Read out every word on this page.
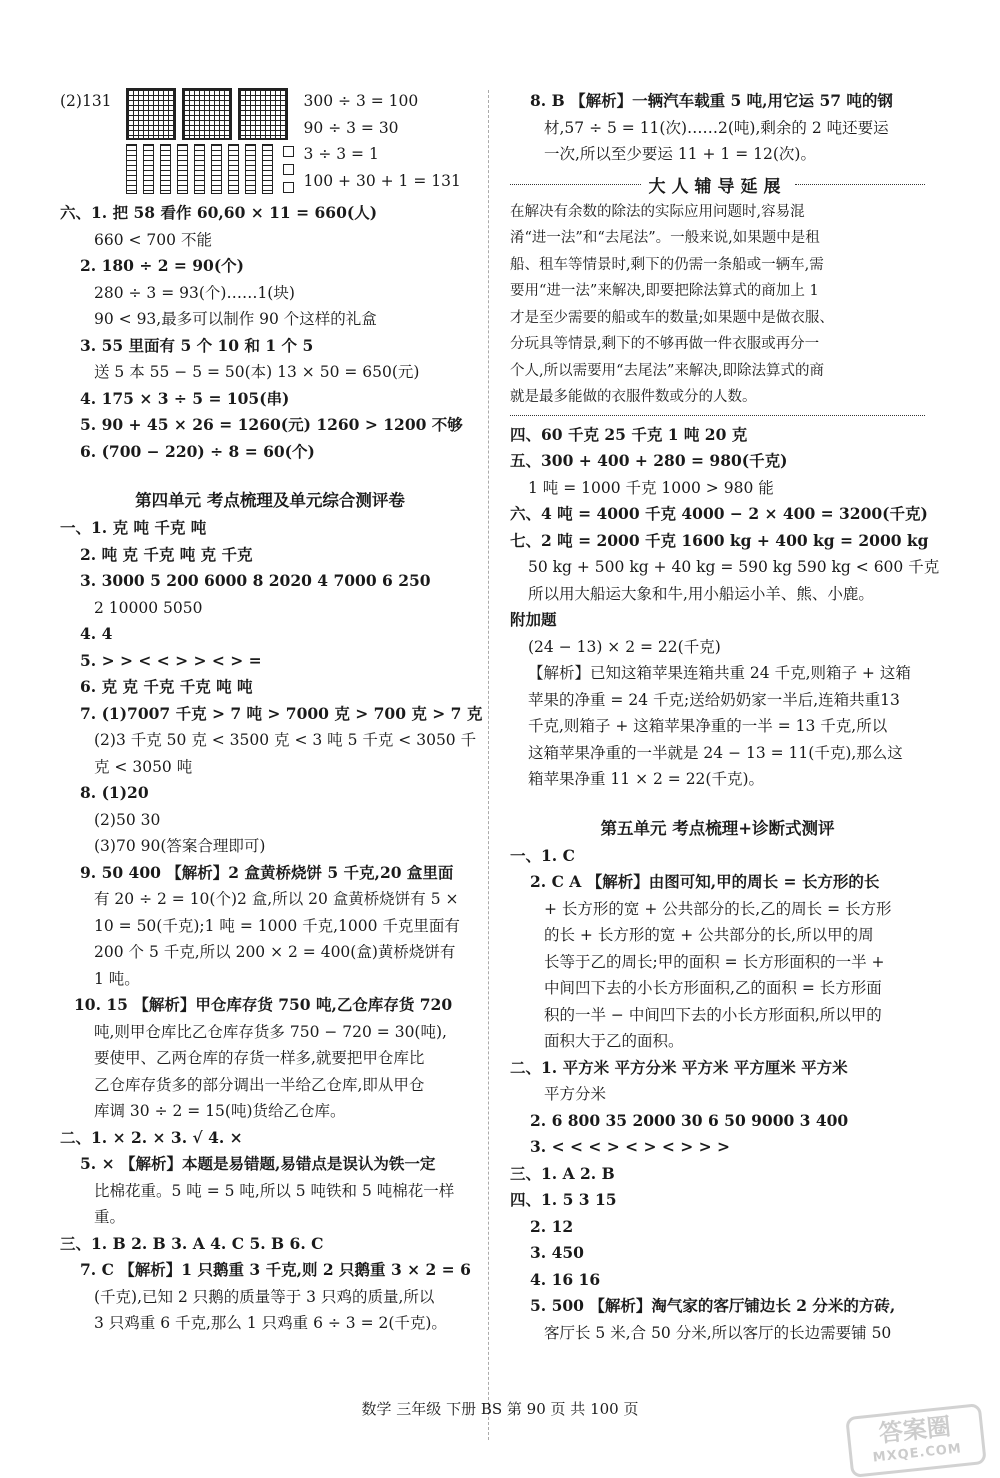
(2)131	300 ÷ 3 = 100
90 ÷ 3 = 30
3 ÷ 3 = 1
100 + 30 + 1 = 131
六、1. 把 58 看作 60,60 × 11 = 660(人)
660 < 700 不能
2. 180 ÷ 2 = 90(个)
280 ÷ 3 = 93(个)……1(块)
90 < 93,最多可以制作 90 个这样的礼盒
3. 55 里面有 5 个 10 和 1 个 5
送 5 本 55 − 5 = 50(本) 13 × 50 = 650(元)
4. 175 × 3 ÷ 5 = 105(串)
5. 90 + 45 × 26 = 1260(元) 1260 > 1200 不够
6. (700 − 220) ÷ 8 = 60(个)
第四单元 考点梳理及单元综合测评卷
一、1. 克 吨 千克 吨
2. 吨 克 千克 吨 克 千克
3. 3000 5 200 6000 8 2020 4 7000 6 250
2 10000 5050
4. 4
5. > > < < > > < > =
6. 克 克 千克 千克 吨 吨
7. (1)7007 千克 > 7 吨 > 7000 克 > 700 克 > 7 克
(2)3 千克 50 克 < 3500 克 < 3 吨 5 千克 < 3050 千
克 < 3050 吨
8. (1)20
(2)50 30
(3)70 90(答案合理即可)
9. 50 400 【解析】2 盒黄桥烧饼 5 千克,20 盒里面
有 20 ÷ 2 = 10(个)2 盒,所以 20 盒黄桥烧饼有 5 ×
10 = 50(千克);1 吨 = 1000 千克,1000 千克里面有
200 个 5 千克,所以 200 × 2 = 400(盒)黄桥烧饼有
1 吨。
10. 15 【解析】甲仓库存货 750 吨,乙仓库存货 720
吨,则甲仓库比乙仓库存货多 750 − 720 = 30(吨),
要使甲、乙两仓库的存货一样多,就要把甲仓库比
乙仓库存货多的部分调出一半给乙仓库,即从甲仓
库调 30 ÷ 2 = 15(吨)货给乙仓库。
二、1. × 2. × 3. √ 4. ×
5. × 【解析】本题是易错题,易错点是误认为铁一定
比棉花重。5 吨 = 5 吨,所以 5 吨铁和 5 吨棉花一样
重。
三、1. B 2. B 3. A 4. C 5. B 6. C
7. C 【解析】1 只鹅重 3 千克,则 2 只鹅重 3 × 2 = 6
(千克),已知 2 只鹅的质量等于 3 只鸡的质量,所以
3 只鸡重 6 千克,那么 1 只鸡重 6 ÷ 3 = 2(千克)。
8. B 【解析】一辆汽车载重 5 吨,用它运 57 吨的钢
材,57 ÷ 5 = 11(次)……2(吨),剩余的 2 吨还要运
一次,所以至少要运 11 + 1 = 12(次)。
大人辅导延展
在解决有余数的除法的实际应用问题时,容易混
淆“进一法”和“去尾法”。一般来说,如果题中是租
船、租车等情景时,剩下的仍需一条船或一辆车,需
要用“进一法”来解决,即要把除法算式的商加上 1
才是至少需要的船或车的数量;如果题中是做衣服、
分玩具等情景,剩下的不够再做一件衣服或再分一
个人,所以需要用“去尾法”来解决,即除法算式的商
就是最多能做的衣服件数或分的人数。
四、60 千克 25 千克 1 吨 20 克
五、300 + 400 + 280 = 980(千克)
1 吨 = 1000 千克 1000 > 980 能
六、4 吨 = 4000 千克 4000 − 2 × 400 = 3200(千克)
七、2 吨 = 2000 千克 1600 kg + 400 kg = 2000 kg
50 kg + 500 kg + 40 kg = 590 kg 590 kg < 600 千克
所以用大船运大象和牛,用小船运小羊、熊、小鹿。
附加题
(24 − 13) × 2 = 22(千克)
【解析】已知这箱苹果连箱共重 24 千克,则箱子 + 这箱
苹果的净重 = 24 千克;送给奶奶家一半后,连箱共重13
千克,则箱子 + 这箱苹果净重的一半 = 13 千克,所以
这箱苹果净重的一半就是 24 − 13 = 11(千克),那么这
箱苹果净重 11 × 2 = 22(千克)。
第五单元 考点梳理+诊断式测评
一、1. C
2. C A 【解析】由图可知,甲的周长 = 长方形的长
+ 长方形的宽 + 公共部分的长,乙的周长 = 长方形
的长 + 长方形的宽 + 公共部分的长,所以甲的周
长等于乙的周长;甲的面积 = 长方形面积的一半 +
中间凹下去的小长方形面积,乙的面积 = 长方形面
积的一半 − 中间凹下去的小长方形面积,所以甲的
面积大于乙的面积。
二、1. 平方米 平方分米 平方米 平方厘米 平方米
平方分米
2. 6 800 35 2000 30 6 50 9000 3 400
3. < < < > < > < > > >
三、1. A 2. B
四、1. 5 3 15
2. 12
3. 450
4. 16 16
5. 500 【解析】淘气家的客厅铺边长 2 分米的方砖,
客厅长 5 米,合 50 分米,所以客厅的长边需要铺 50
数学 三年级 下册 BS 第 90 页 共 100 页
答案圈
MXQE.COM
